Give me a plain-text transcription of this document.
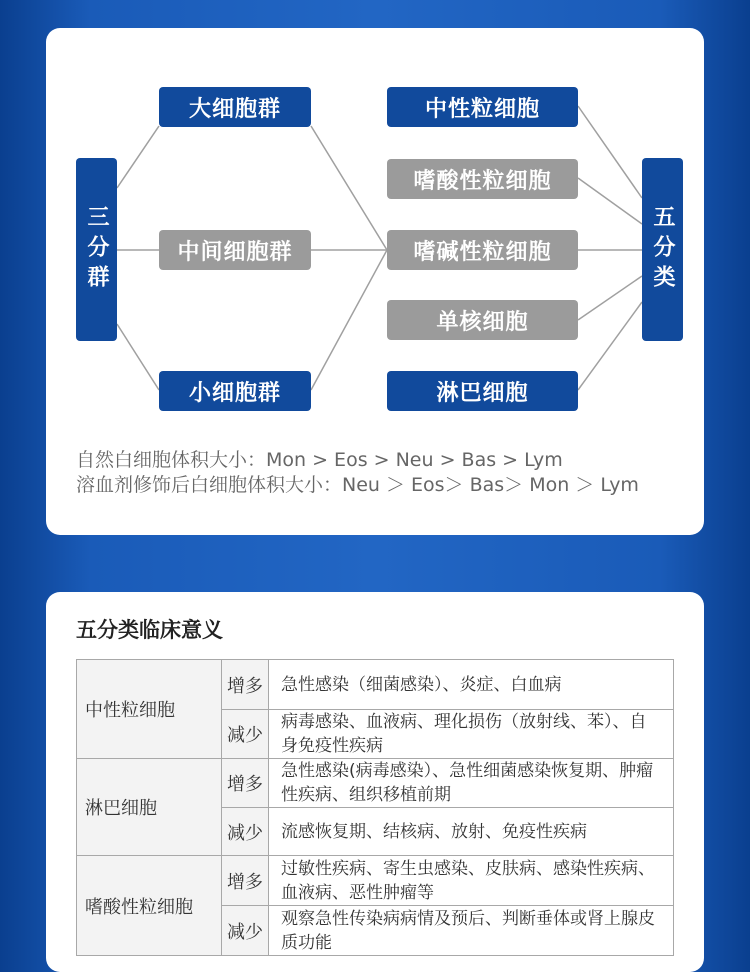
三分群	五分类
大细胞群
中间细胞群
小细胞群
中性粒细胞
嗜酸性粒细胞
嗜碱性粒细胞
单核细胞
淋巴细胞
自然白细胞体积大小：Mon > Eos > Neu > Bas > Lym
溶血剂修饰后白细胞体积大小：Neu ＞ Eos＞ Bas＞ Mon ＞ Lym
五分类临床意义
中性粒细胞	增多	急性感染（细菌感染）、炎症、白血病
	减少	病毒感染、血液病、理化损伤（放射线、苯）、自身免疫性疾病
淋巴细胞	增多	急性感染(病毒感染）、急性细菌感染恢复期、肿瘤性疾病、组织移植前期
	减少	流感恢复期、结核病、放射、免疫性疾病
嗜酸性粒细胞	增多	过敏性疾病、寄生虫感染、皮肤病、感染性疾病、血液病、恶性肿瘤等
	减少	观察急性传染病病情及预后、判断垂体或肾上腺皮质功能
